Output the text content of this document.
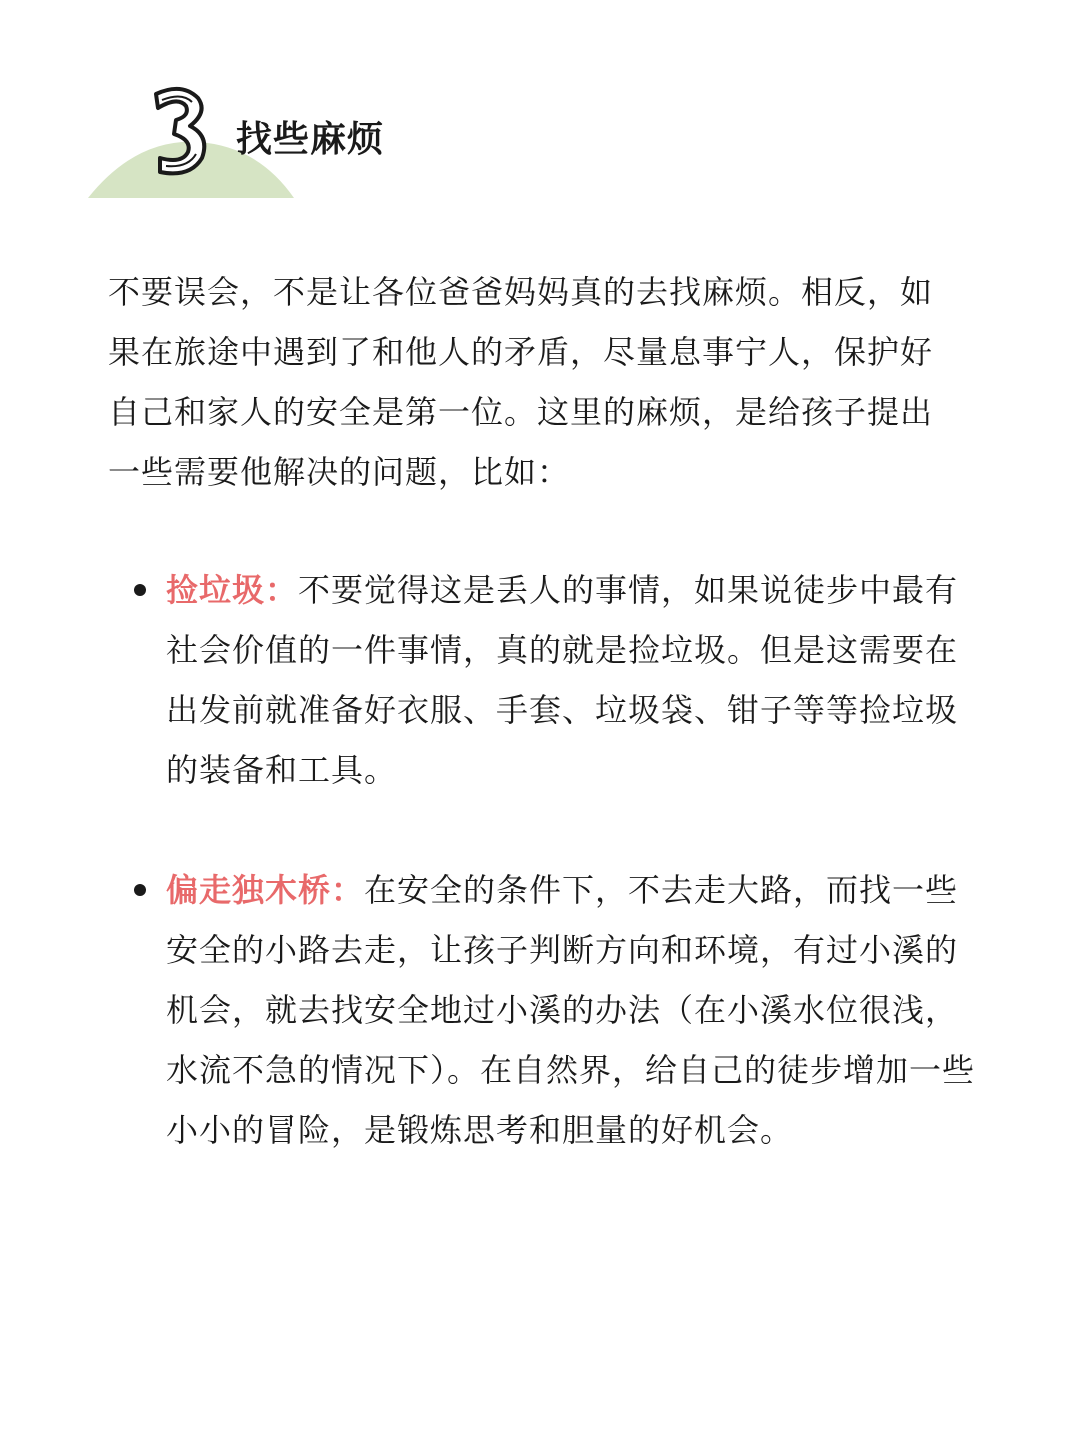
找些麻烦

不要误会，不是让各位爸爸妈妈真的去找麻烦。相反，如果在旅途中遇到了和他人的矛盾，尽量息事宁人，保护好自己和家人的安全是第一位。这里的麻烦，是给孩子提出一些需要他解决的问题，比如：

捡垃圾：不要觉得这是丢人的事情，如果说徒步中最有社会价值的一件事情，真的就是捡垃圾。但是这需要在出发前就准备好衣服、手套、垃圾袋、钳子等等捡垃圾的装备和工具。
偏走独木桥：在安全的条件下，不去走大路，而找一些安全的小路去走，让孩子判断方向和环境，有过小溪的机会，就去找安全地过小溪的办法（在小溪水位很浅，水流不急的情况下）。在自然界，给自己的徒步增加一些小小的冒险，是锻炼思考和胆量的好机会。
